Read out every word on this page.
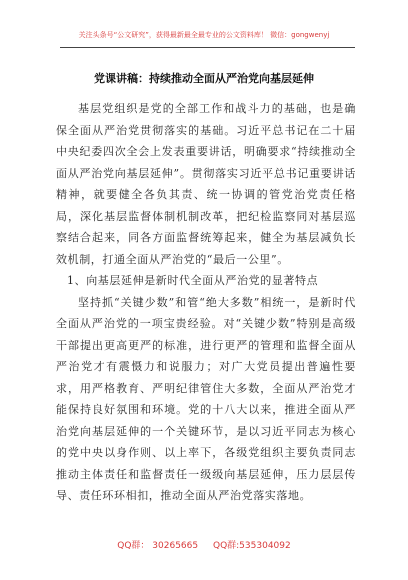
关注头条号“公文研究”，获得最新最全最专业的公文资料库！ 微信：gongwenyj
党课讲稿：持续推动全面从严治党向基层延伸

基层党组织是党的全部工作和战斗力的基础，也是确保全面从严治党贯彻落实的基础。习近平总书记在二十届中央纪委四次全会上发表重要讲话，明确要求“持续推动全面从严治党向基层延伸”。贯彻落实习近平总书记重要讲话精神，就要健全各负其责、统一协调的管党治党责任格局，深化基层监督体制机制改革，把纪检监察同对基层巡察结合起来，同各方面监督统筹起来，健全为基层减负长效机制，打通全面从严治党的“最后一公里”。

1、向基层延伸是新时代全面从严治党的显著特点

坚持抓“关键少数”和管“绝大多数”相统一，是新时代全面从严治党的一项宝贵经验。对“关键少数”特别是高级干部提出更高更严的标准，进行更严的管理和监督全面从严治党才有震慑力和说服力；对广大党员提出普遍性要求，用严格教育、严明纪律管住大多数，全面从严治党才能保持良好氛围和环境。党的十八大以来，推进全面从严治党向基层延伸的一个关键环节，是以习近平同志为核心的党中央以身作则、以上率下，各级党组织主要负责同志推动主体责任和监督责任一级级向基层延伸，压力层层传导、责任环环相扣，推动全面从严治党落实落地。

QQ群： 30265665 QQ群:535304092
